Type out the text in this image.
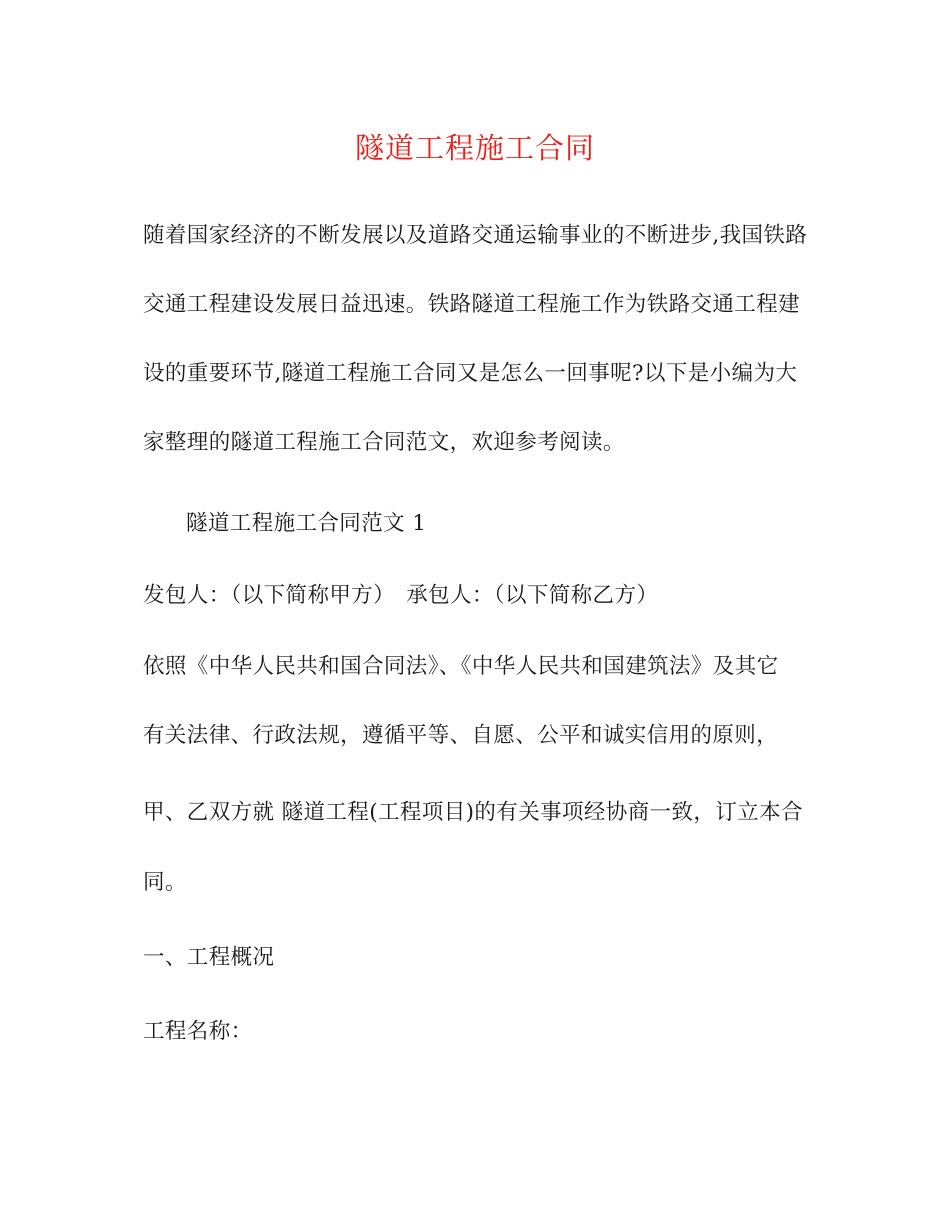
隧道工程施工合同
随着国家经济的不断发展以及道路交通运输事业的不断进步,我国铁路
交通工程建设发展日益迅速。铁路隧道工程施工作为铁路交通工程建
设的重要环节,隧道工程施工合同又是怎么一回事呢?以下是小编为大
家整理的隧道工程施工合同范文，欢迎参考阅读。
隧道工程施工合同范文 1
发包人：（以下简称甲方）　承包人：（以下简称乙方）
依照《中华人民共和国合同法》、《中华人民共和国建筑法》及其它
有关法律、行政法规，遵循平等、自愿、公平和诚实信用的原则，
甲、乙双方就 隧道工程(工程项目)的有关事项经协商一致，订立本合
同。
一、工程概况
工程名称：
